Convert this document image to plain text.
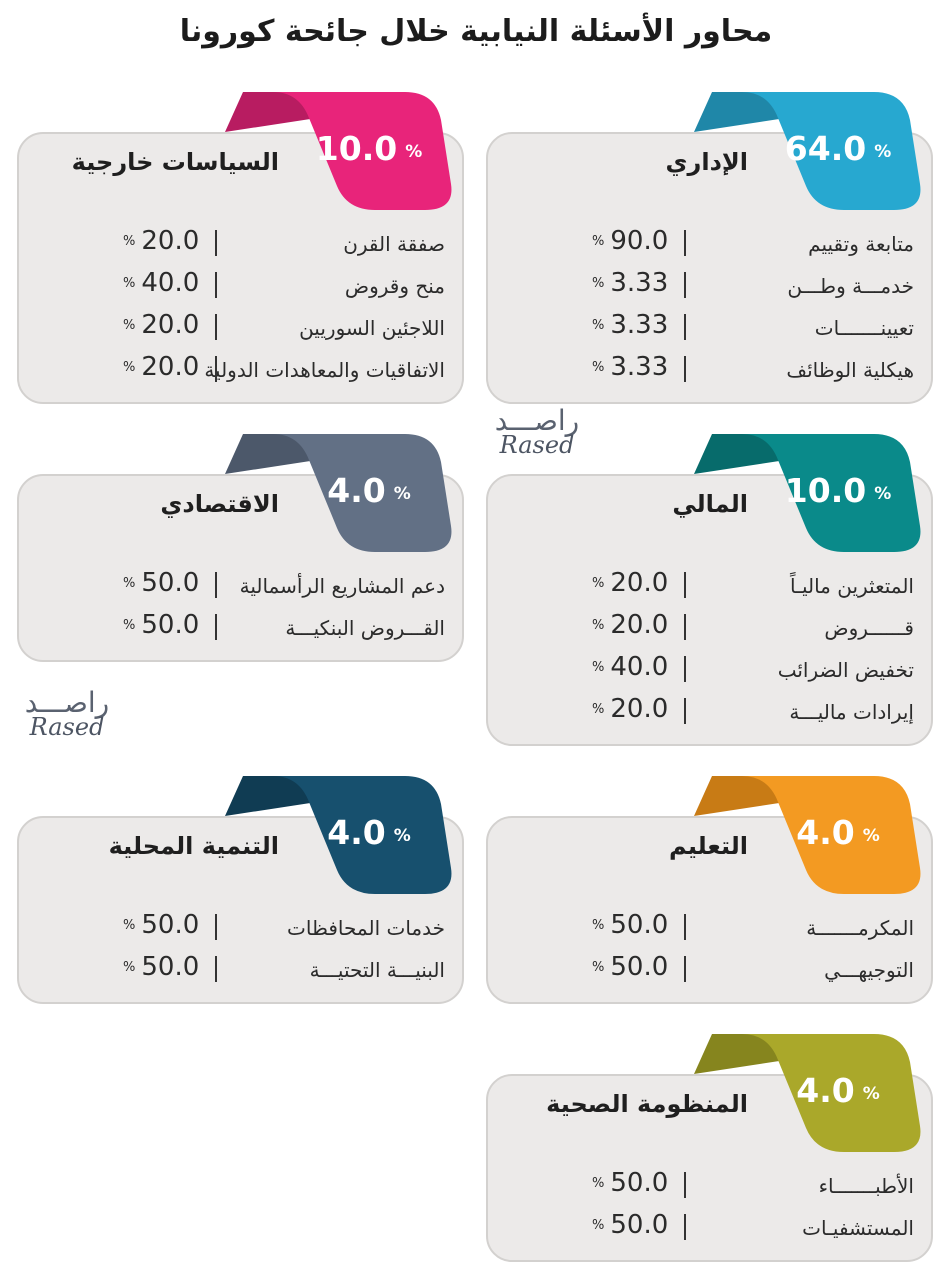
محاور الأسئلة النيابية خلال جائحة كورونا
64.0 %
الإداري
متابعة وتقييم
% 90.0
خدمـــة وطـــن
% 3.33
تعيينـــــــات
% 3.33
هيكلية الوظائف
% 3.33
10.0 %
السياسات خارجية
صفقة القرن
% 20.0
منح وقروض
% 40.0
اللاجئين السوريين
% 20.0
الاتفاقيات والمعاهدات الدولية
% 20.0
10.0 %
المالي
المتعثرين ماليـاً
% 20.0
قــــــروض
% 20.0
تخفيض الضرائب
% 40.0
إيرادات ماليـــة
% 20.0
4.0 %
الاقتصادي
دعم المشاريع الرأسمالية
% 50.0
القـــروض البنكيـــة
% 50.0
4.0 %
التعليم
المكرمـــــــة
% 50.0
التوجيهـــي
% 50.0
4.0 %
التنمية المحلية
خدمات المحافظات
% 50.0
البنيـــة التحتيـــة
% 50.0
4.0 %
المنظومة الصحية
الأطبـــــــاء
% 50.0
المستشفيـات
% 50.0
راصـــد
Rased
راصـــد
Rased
